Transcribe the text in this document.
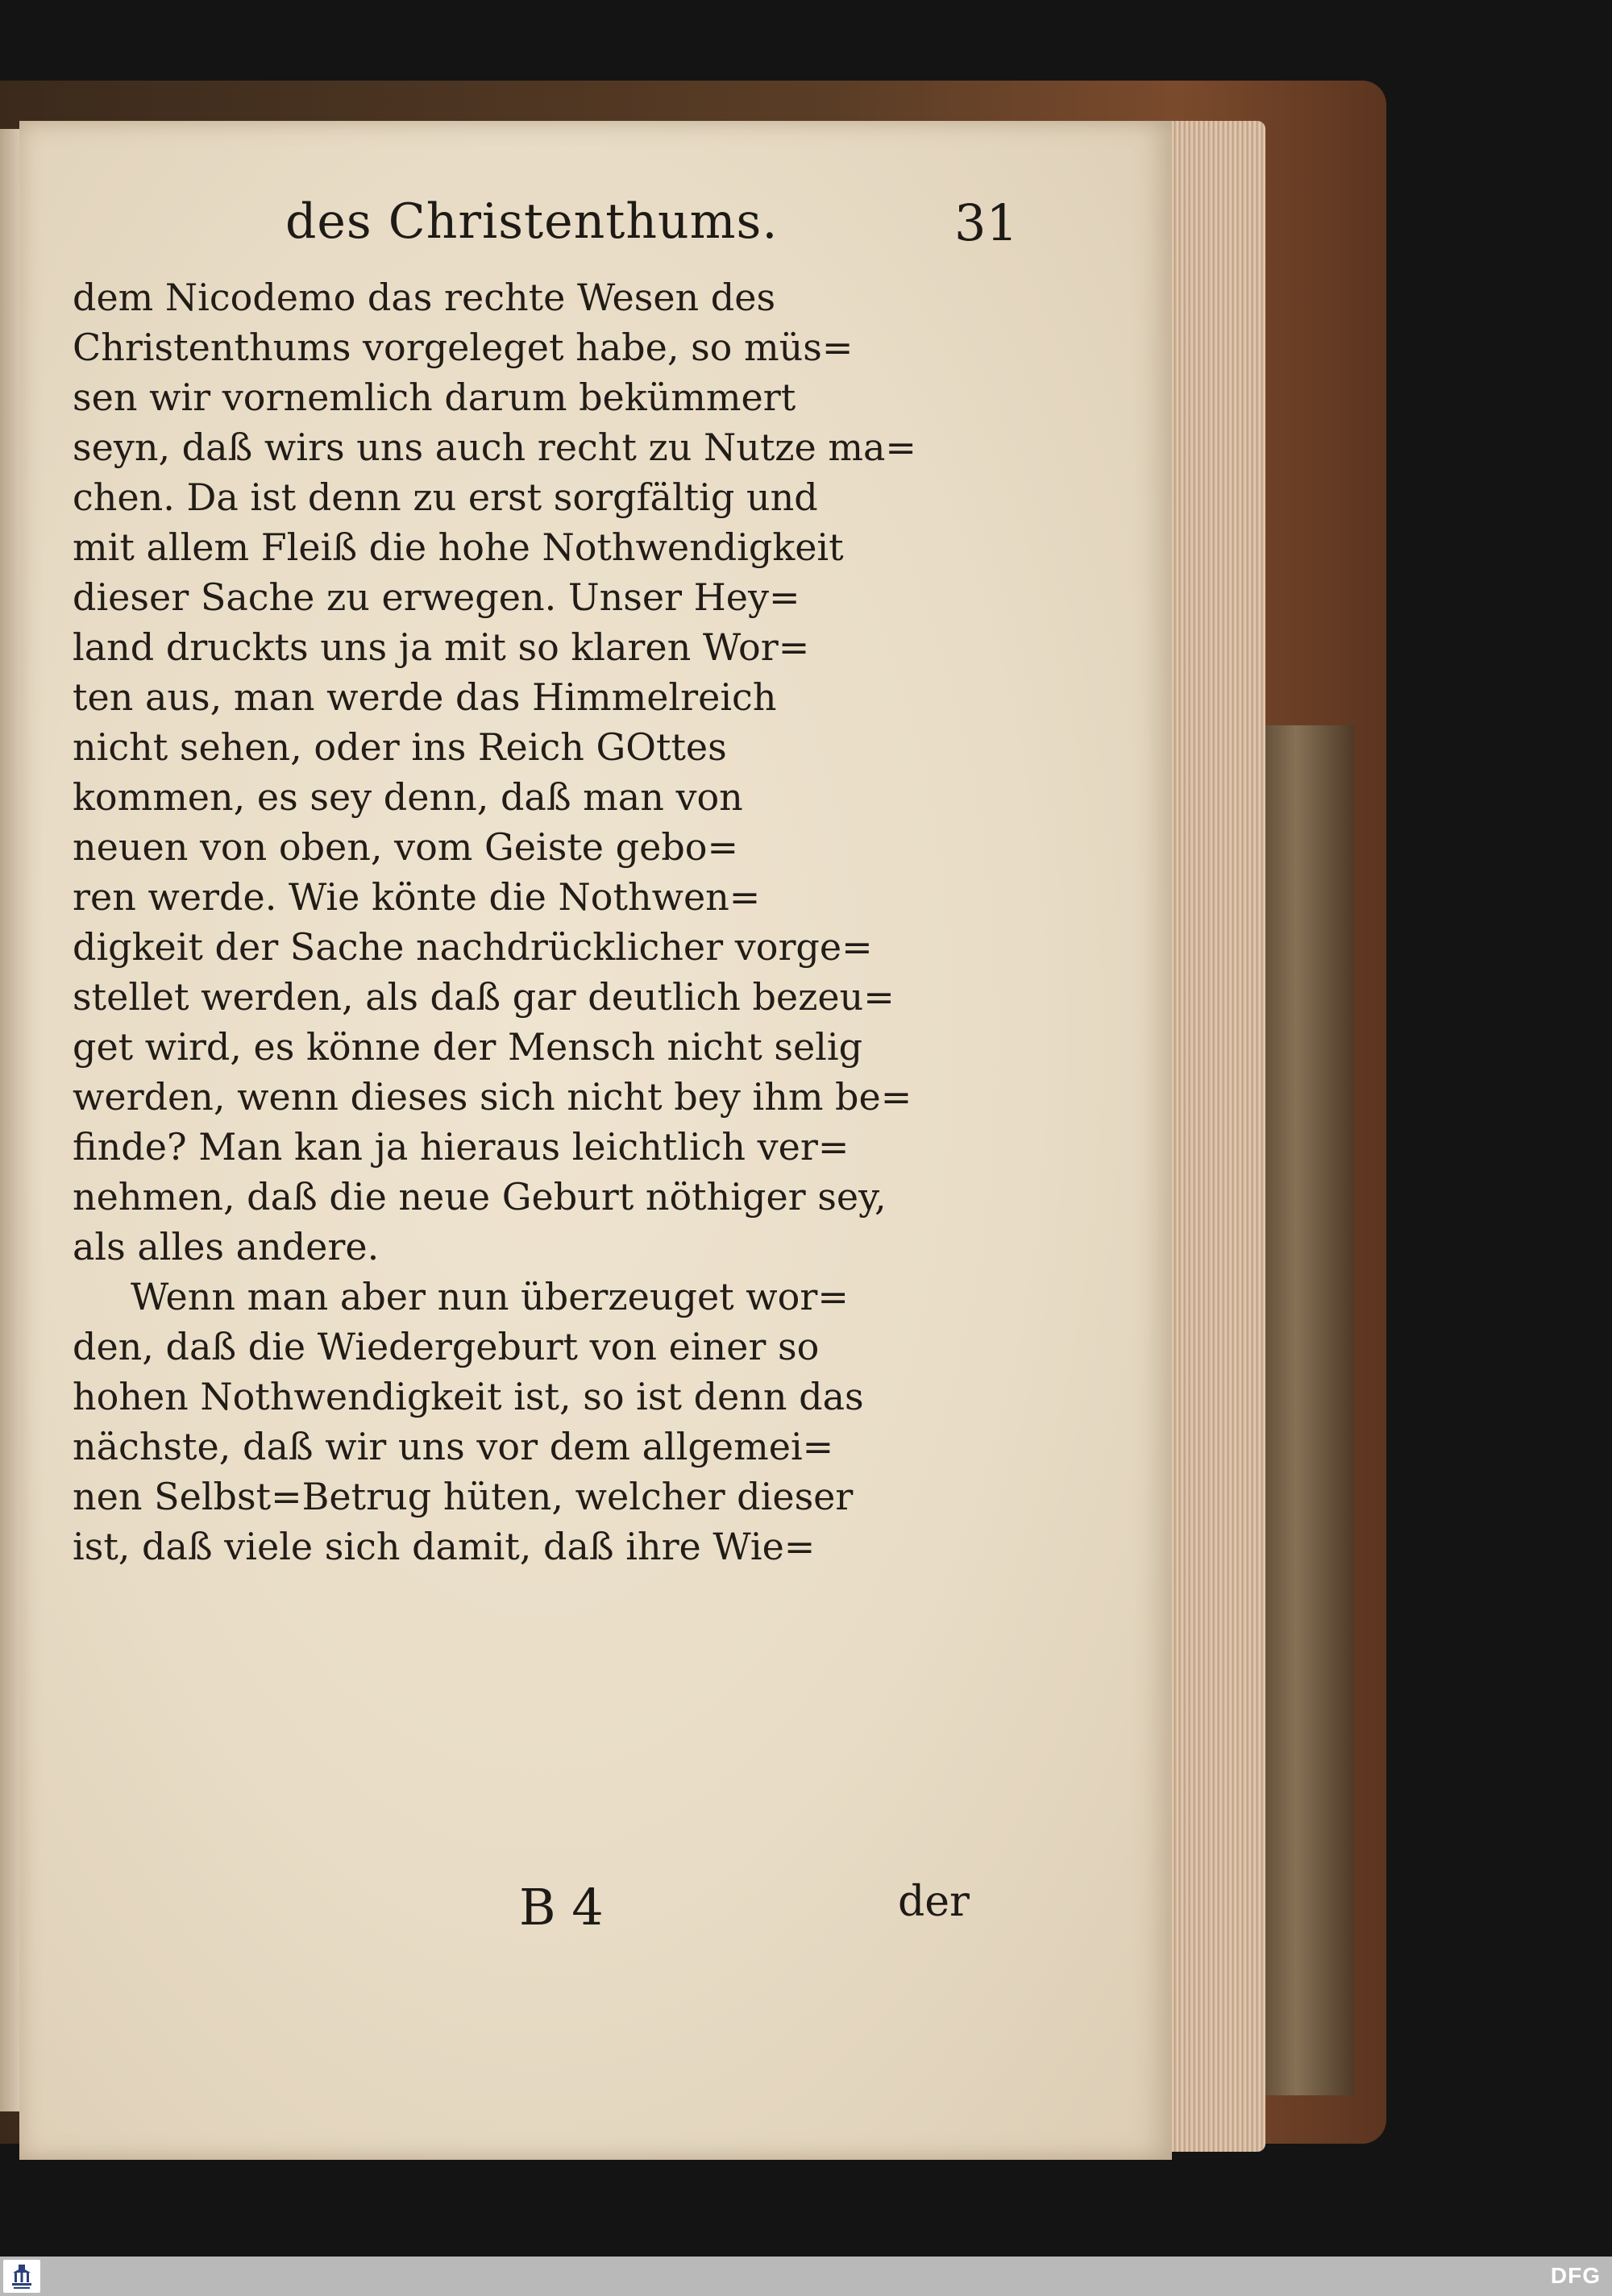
des Christenthums.	31
dem Nicodemo das rechte Wesen des
Christenthums vorgeleget habe, so müs=
sen wir vornemlich darum bekümmert
seyn, daß wirs uns auch recht zu Nutze ma=
chen. Da ist denn zu erst sorgfältig und
mit allem Fleiß die hohe Nothwendigkeit
dieser Sache zu erwegen. Unser Hey=
land druckts uns ja mit so klaren Wor=
ten aus, man werde das Himmelreich
nicht sehen, oder ins Reich GOttes
kommen, es sey denn, daß man von
neuen von oben, vom Geiste gebo=
ren werde. Wie könte die Nothwen=
digkeit der Sache nachdrücklicher vorge=
stellet werden, als daß gar deutlich bezeu=
get wird, es könne der Mensch nicht selig
werden, wenn dieses sich nicht bey ihm be=
finde? Man kan ja hieraus leichtlich ver=
nehmen, daß die neue Geburt nöthiger sey,
als alles andere.
Wenn man aber nun überzeuget wor=
den, daß die Wiedergeburt von einer so
hohen Nothwendigkeit ist, so ist denn das
nächste, daß wir uns vor dem allgemei=
nen Selbst=Betrug hüten, welcher dieser
ist, daß viele sich damit, daß ihre Wie=
B 4	der
DFG
